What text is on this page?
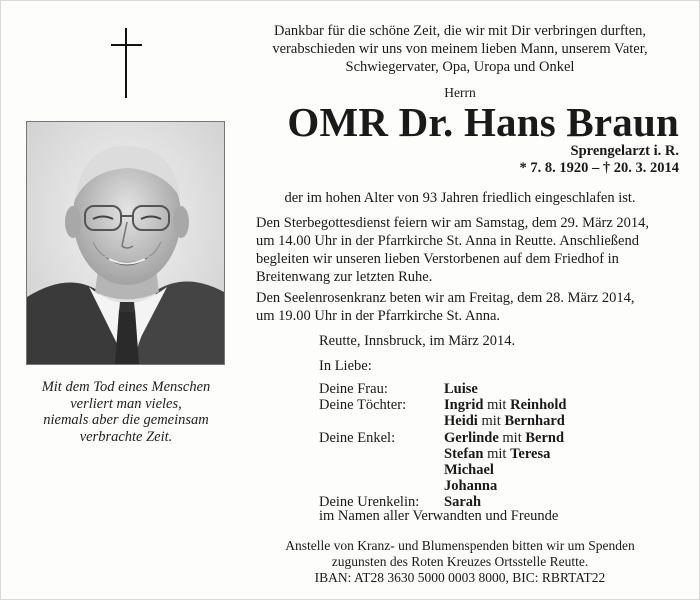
Mit dem Tod eines Menschen
verliert man vieles,
niemals aber die gemeinsam
verbrachte Zeit.
Dankbar für die schöne Zeit, die wir mit Dir verbringen durften,
verabschieden wir uns von meinem lieben Mann, unserem Vater,
Schwiegervater, Opa, Uropa und Onkel
Herrn
OMR Dr. Hans Braun
Sprengelarzt i. R.
* 7. 8. 1920 – † 20. 3. 2014
der im hohen Alter von 93 Jahren friedlich eingeschlafen ist.
Den Sterbegottesdienst feiern wir am Samstag, dem 29. März 2014,
um 14.00 Uhr in der Pfarrkirche St. Anna in Reutte. Anschließend
begleiten wir unseren lieben Verstorbenen auf dem Friedhof in
Breitenwang zur letzten Ruhe.
Den Seelenrosenkranz beten wir am Freitag, dem 28. März 2014,
um 19.00 Uhr in der Pfarrkirche St. Anna.
Reutte, Innsbruck, im März 2014.
In Liebe:
Deine Frau:	Luise
Deine Töchter:	Ingrid mit Reinhold
Heidi mit Bernhard
Deine Enkel:	Gerlinde mit Bernd
Stefan mit Teresa
Michael
Johanna
Deine Urenkelin:	Sarah
im Namen aller Verwandten und Freunde
Anstelle von Kranz- und Blumenspenden bitten wir um Spenden
zugunsten des Roten Kreuzes Ortsstelle Reutte.
IBAN: AT28 3630 5000 0003 8000, BIC: RBRTAT22
